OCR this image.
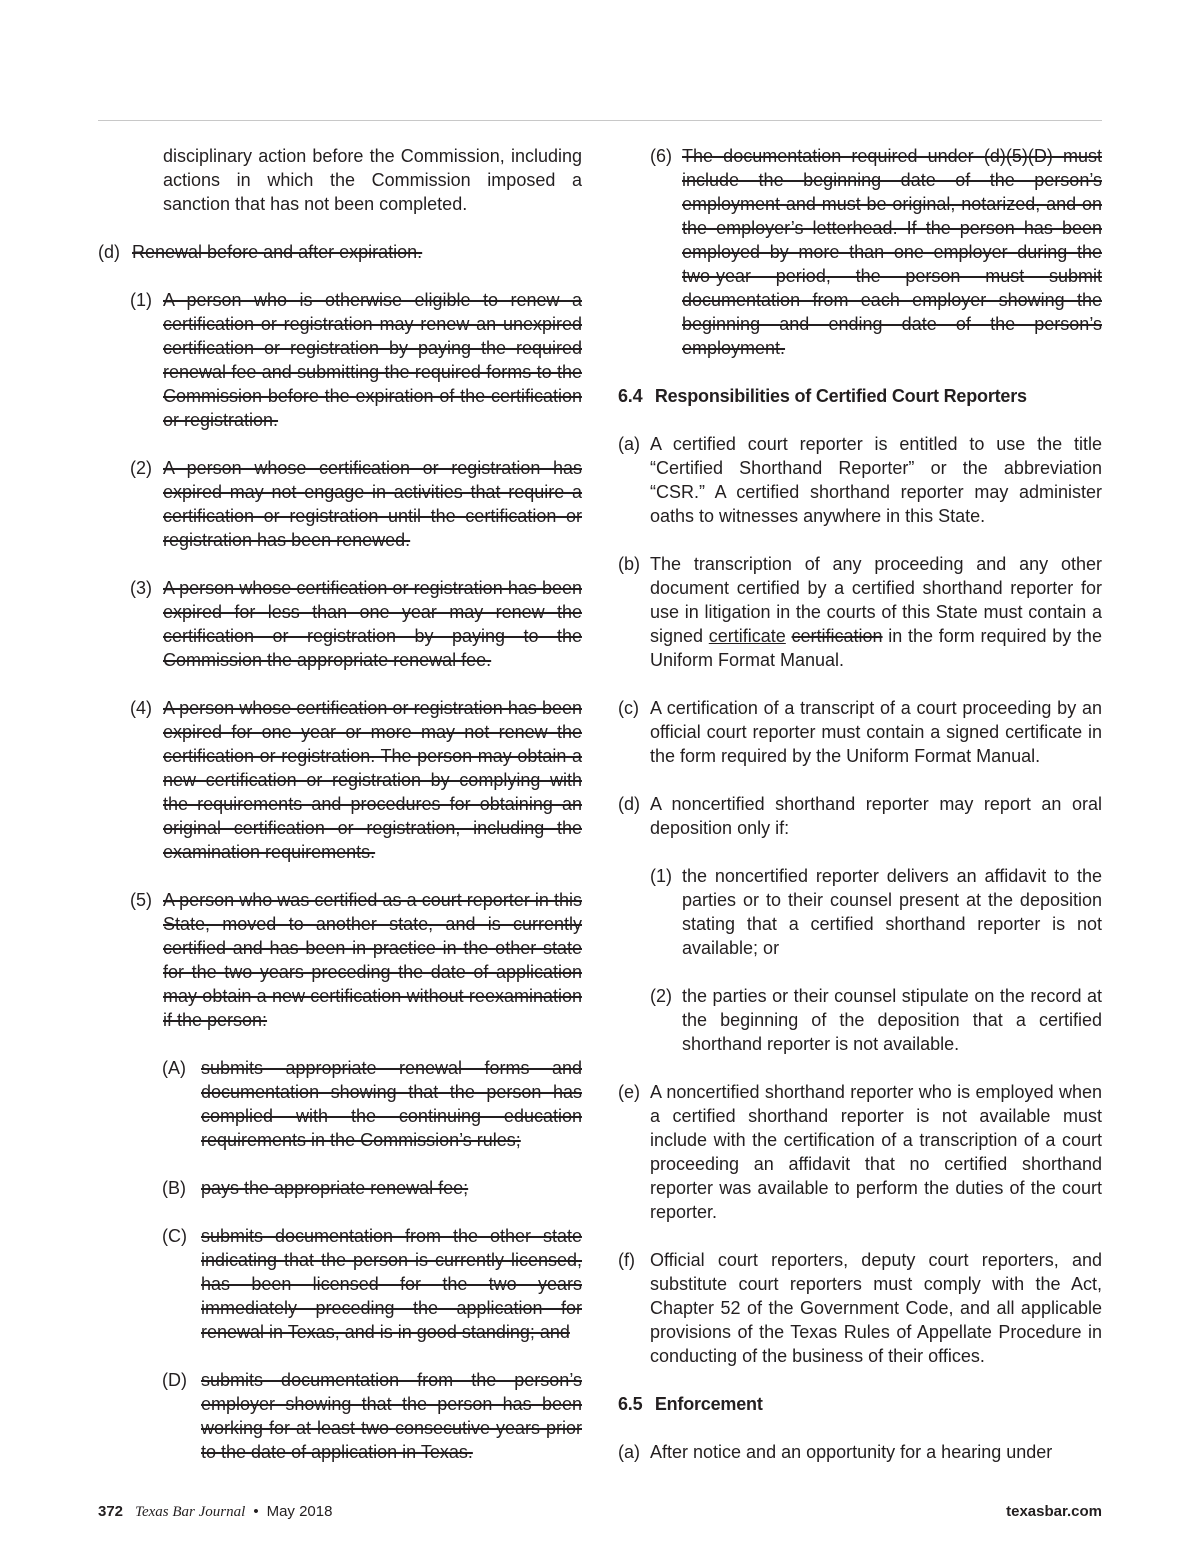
disciplinary action before the Commission, including actions in which the Commission imposed a sanction that has not been completed.

(d) Renewal before and after expiration.

(1) A person who is otherwise eligible to renew a certification or registration may renew an unexpired certification or registration by paying the required renewal fee and submitting the required forms to the Commission before the expiration of the certification or registration.

(2) A person whose certification or registration has expired may not engage in activities that require a certification or registration until the certification or registration has been renewed.

(3) A person whose certification or registration has been expired for less than one year may renew the certification or registration by paying to the Commission the appropriate renewal fee.

(4) A person whose certification or registration has been expired for one year or more may not renew the certification or registration. The person may obtain a new certification or registration by complying with the requirements and procedures for obtaining an original certification or registration, including the examination requirements.

(5) A person who was certified as a court reporter in this State, moved to another state, and is currently certified and has been in practice in the other state for the two years preceding the date of application may obtain a new certification without reexamination if the person:

(A) submits appropriate renewal forms and documentation showing that the person has complied with the continuing education requirements in the Commission’s rules;

(B) pays the appropriate renewal fee;

(C) submits documentation from the other state indicating that the person is currently licensed, has been licensed for the two years immediately preceding the application for renewal in Texas, and is in good standing; and

(D) submits documentation from the person’s employer showing that the person has been working for at least two consecutive years prior to the date of application in Texas.

(6) The documentation required under (d)(5)(D) must include the beginning date of the person’s employment and must be original, notarized, and on the employer’s letterhead. If the person has been employed by more than one employer during the two-year period, the person must submit documentation from each employer showing the beginning and ending date of the person’s employment.

6.4 Responsibilities of Certified Court Reporters

(a) A certified court reporter is entitled to use the title “Certified Shorthand Reporter” or the abbreviation “CSR.” A certified shorthand reporter may administer oaths to witnesses anywhere in this State.

(b) The transcription of any proceeding and any other document certified by a certified shorthand reporter for use in litigation in the courts of this State must contain a signed certificate certification in the form required by the Uniform Format Manual.

(c) A certification of a transcript of a court proceeding by an official court reporter must contain a signed certificate in the form required by the Uniform Format Manual.

(d) A noncertified shorthand reporter may report an oral deposition only if:

(1) the noncertified reporter delivers an affidavit to the parties or to their counsel present at the deposition stating that a certified shorthand reporter is not available; or

(2) the parties or their counsel stipulate on the record at the beginning of the deposition that a certified shorthand reporter is not available.

(e) A noncertified shorthand reporter who is employed when a certified shorthand reporter is not available must include with the certification of a transcription of a court proceeding an affidavit that no certified shorthand reporter was available to perform the duties of the court reporter.

(f) Official court reporters, deputy court reporters, and substitute court reporters must comply with the Act, Chapter 52 of the Government Code, and all applicable provisions of the Texas Rules of Appellate Procedure in conducting of the business of their offices.

6.5 Enforcement

(a) After notice and an opportunity for a hearing under

372 Texas Bar Journal • May 2018	texasbar.com
